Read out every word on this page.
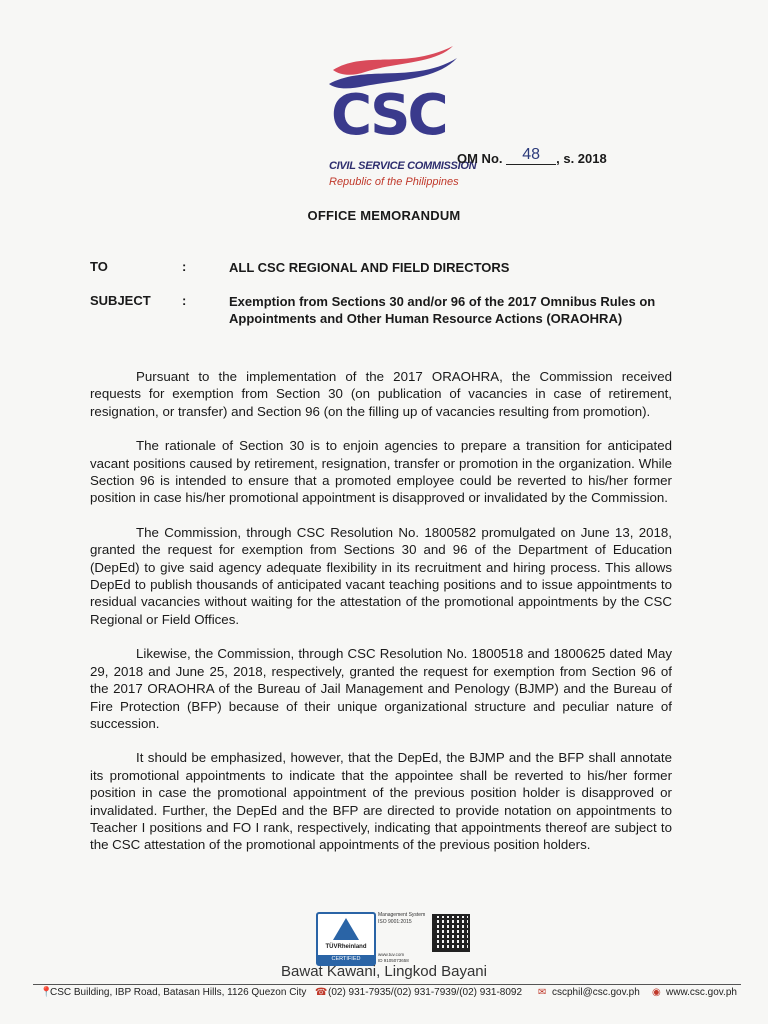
CSC
CIVIL SERVICE COMMISSION
Republic of the Philippines
OM No. 48 , s. 2018
OFFICE MEMORANDUM
TO	:	ALL CSC REGIONAL AND FIELD DIRECTORS
SUBJECT :	Exemption from Sections 30 and/or 96 of the 2017 Omnibus Rules on Appointments and Other Human Resource Actions (ORAOHRA)

Pursuant to the implementation of the 2017 ORAOHRA, the Commission received requests for exemption from Section 30 (on publication of vacancies in case of retirement, resignation, or transfer) and Section 96 (on the filling up of vacancies resulting from promotion).

The rationale of Section 30 is to enjoin agencies to prepare a transition for anticipated vacant positions caused by retirement, resignation, transfer or promotion in the organization. While Section 96 is intended to ensure that a promoted employee could be reverted to his/her former position in case his/her promotional appointment is disapproved or invalidated by the Commission.

The Commission, through CSC Resolution No. 1800582 promulgated on June 13, 2018, granted the request for exemption from Sections 30 and 96 of the Department of Education (DepEd) to give said agency adequate flexibility in its recruitment and hiring process. This allows DepEd to publish thousands of anticipated vacant teaching positions and to issue appointments to residual vacancies without waiting for the attestation of the promotional appointments by the CSC Regional or Field Offices.

Likewise, the Commission, through CSC Resolution No. 1800518 and 1800625 dated May 29, 2018 and June 25, 2018, respectively, granted the request for exemption from Section 96 of the 2017 ORAOHRA of the Bureau of Jail Management and Penology (BJMP) and the Bureau of Fire Protection (BFP) because of their unique organizational structure and peculiar nature of succession.

It should be emphasized, however, that the DepEd, the BJMP and the BFP shall annotate its promotional appointments to indicate that the appointee shall be reverted to his/her former position in case the promotional appointment of the previous position holder is disapproved or invalidated. Further, the DepEd and the BFP are directed to provide notation on appointments to Teacher I positions and FO I rank, respectively, indicating that appointments thereof are subject to the CSC attestation of the promotional appointments of the previous position holders.

TÜVRheinland
CERTIFIED
Management System ISO 9001:2015
www.tuv.com
ID 9105073658
Bawat Kawani, Lingkod Bayani
📍
CSC Building, IBP Road, Batasan Hills, 1126 Quezon City ☎ (02) 931-7935/(02) 931-7939/(02) 931-8092 ✉ cscphil@csc.gov.ph ◉ www.csc.gov.ph
